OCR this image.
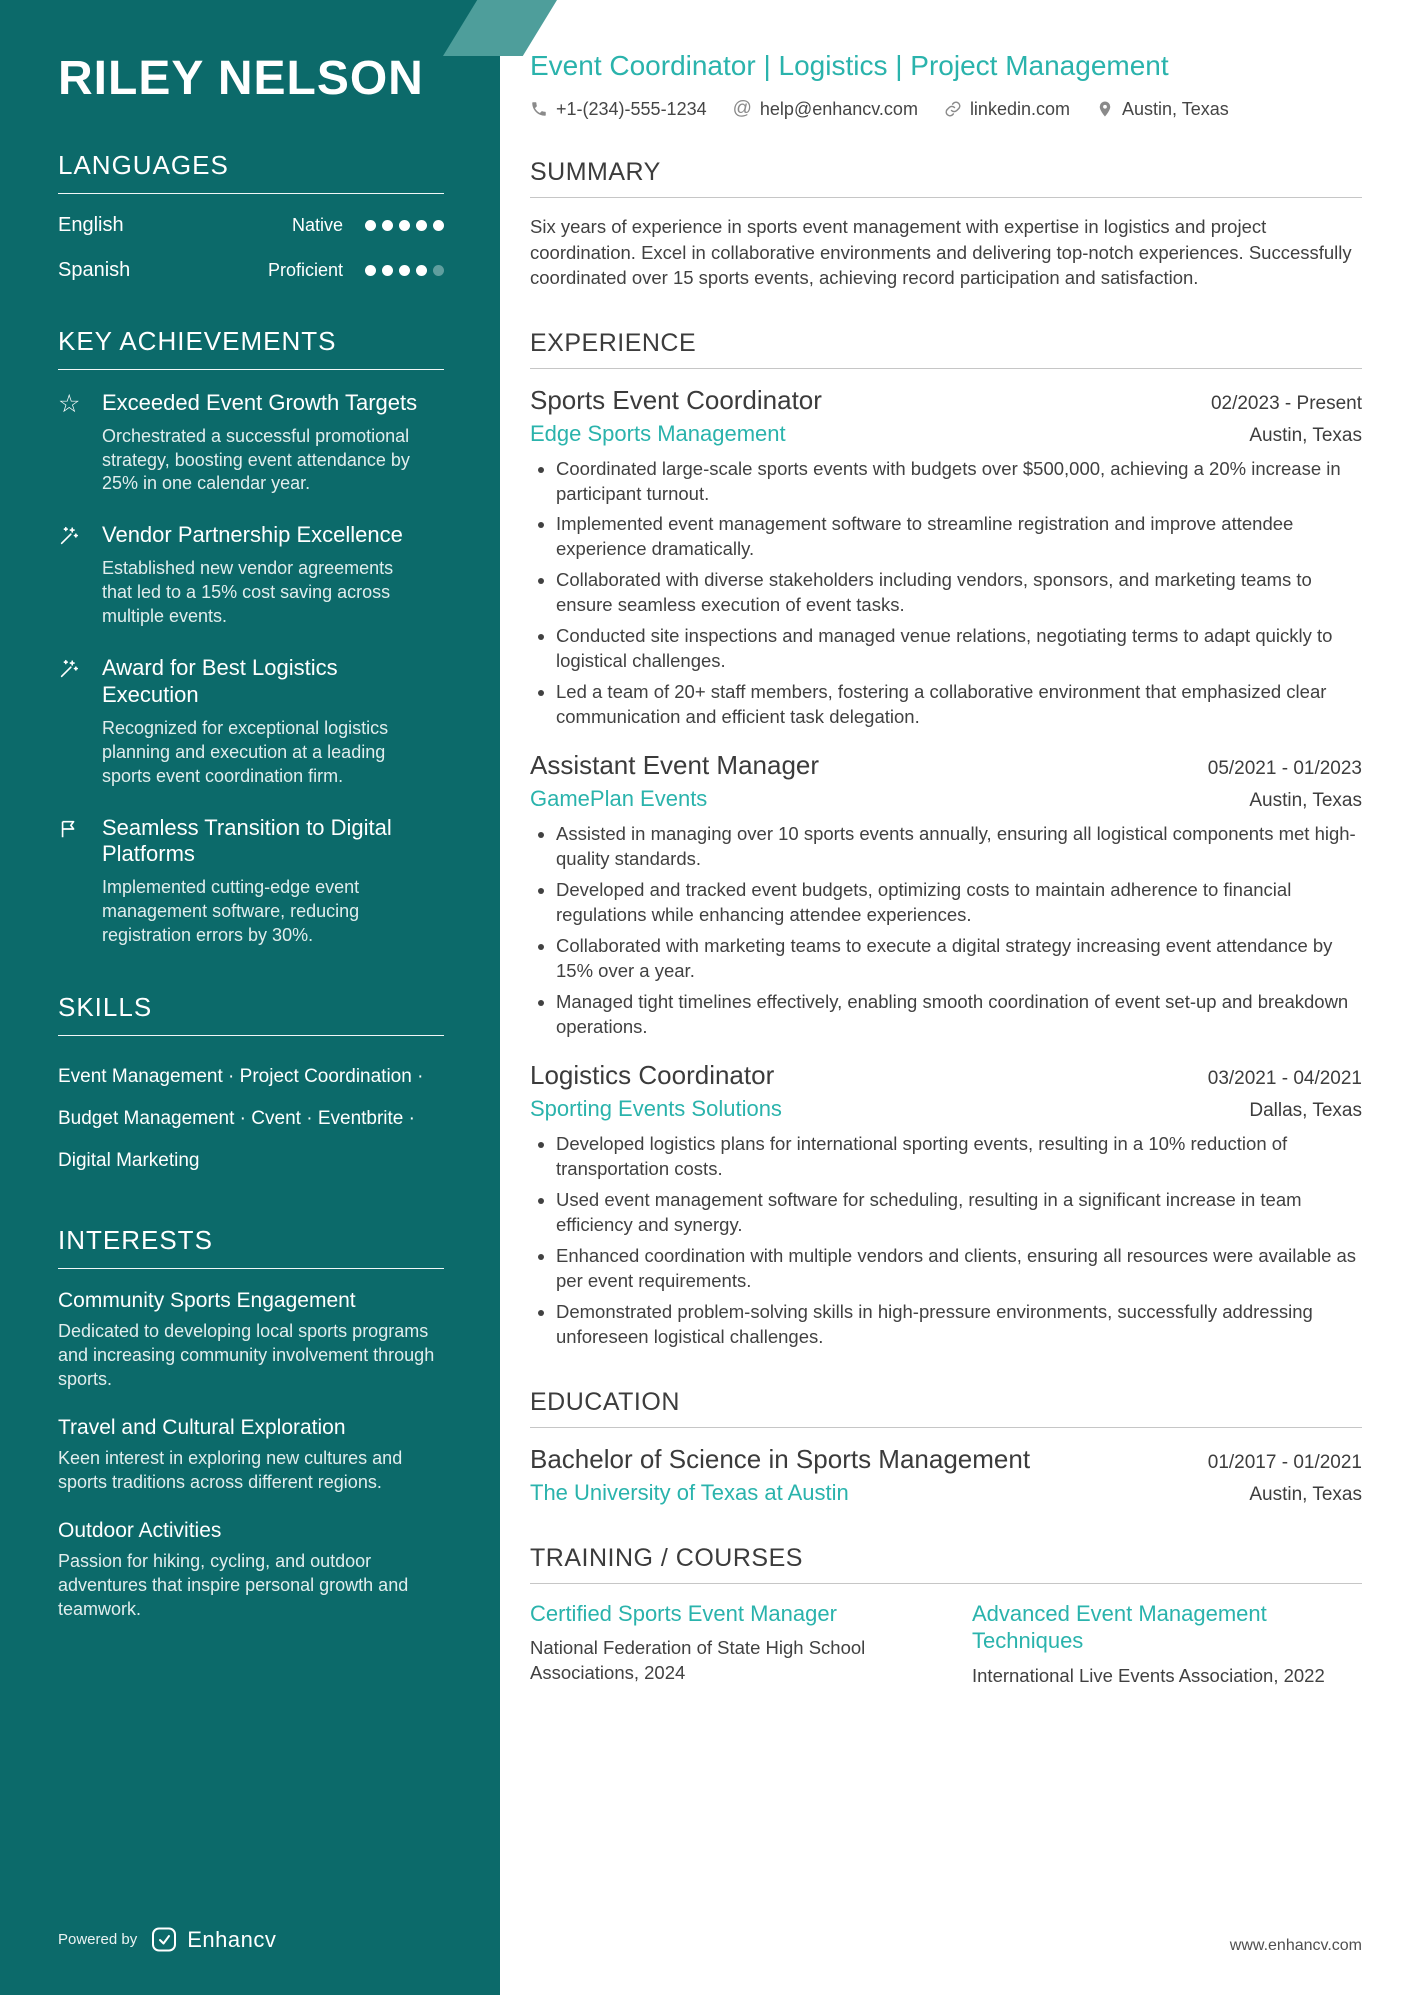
RILEY NELSON
LANGUAGES
English	Native
Spanish	Proficient
KEY ACHIEVEMENTS
☆ Exceeded Event Growth Targets
Orchestrated a successful promotional strategy, boosting event attendance by 25% in one calendar year.
Vendor Partnership Excellence
Established new vendor agreements that led to a 15% cost saving across multiple events.
Award for Best Logistics Execution
Recognized for exceptional logistics planning and execution at a leading sports event coordination firm.
Seamless Transition to Digital Platforms
Implemented cutting-edge event management software, reducing registration errors by 30%.
SKILLS

Event Management · Project Coordination · Budget Management · Cvent · Eventbrite · Digital Marketing

INTERESTS
Community Sports Engagement
Dedicated to developing local sports programs and increasing community involvement through sports.
Travel and Cultural Exploration
Keen interest in exploring new cultures and sports traditions across different regions.
Outdoor Activities
Passion for hiking, cycling, and outdoor adventures that inspire personal growth and teamwork.
Powered by Enhancv
Event Coordinator | Logistics | Project Management
+1-(234)-555-1234 @ help@enhancv.com	linkedin.com	Austin, Texas
SUMMARY

Six years of experience in sports event management with expertise in logistics and project coordination. Excel in collaborative environments and delivering top-notch experiences. Successfully coordinated over 15 sports events, achieving record participation and satisfaction.

EXPERIENCE
Sports Event Coordinator	02/2023 - Present
Edge Sports Management	Austin, Texas
• Coordinated large-scale sports events with budgets over $500,000, achieving a 20% increase in participant turnout.
• Implemented event management software to streamline registration and improve attendee experience dramatically.
• Collaborated with diverse stakeholders including vendors, sponsors, and marketing teams to ensure seamless execution of event tasks.
• Conducted site inspections and managed venue relations, negotiating terms to adapt quickly to logistical challenges.
• Led a team of 20+ staff members, fostering a collaborative environment that emphasized clear communication and efficient task delegation.
Assistant Event Manager	05/2021 - 01/2023
GamePlan Events	Austin, Texas
• Assisted in managing over 10 sports events annually, ensuring all logistical components met high-quality standards.
• Developed and tracked event budgets, optimizing costs to maintain adherence to financial regulations while enhancing attendee experiences.
• Collaborated with marketing teams to execute a digital strategy increasing event attendance by 15% over a year.
• Managed tight timelines effectively, enabling smooth coordination of event set-up and breakdown operations.
Logistics Coordinator	03/2021 - 04/2021
Sporting Events Solutions	Dallas, Texas
• Developed logistics plans for international sporting events, resulting in a 10% reduction of transportation costs.
• Used event management software for scheduling, resulting in a significant increase in team efficiency and synergy.
• Enhanced coordination with multiple vendors and clients, ensuring all resources were available as per event requirements.
• Demonstrated problem-solving skills in high-pressure environments, successfully addressing unforeseen logistical challenges.
EDUCATION
Bachelor of Science in Sports Management	01/2017 - 01/2021
The University of Texas at Austin	Austin, Texas
TRAINING / COURSES
Certified Sports Event Manager
National Federation of State High School Associations, 2024
Advanced Event Management Techniques
International Live Events Association, 2022
www.enhancv.com
